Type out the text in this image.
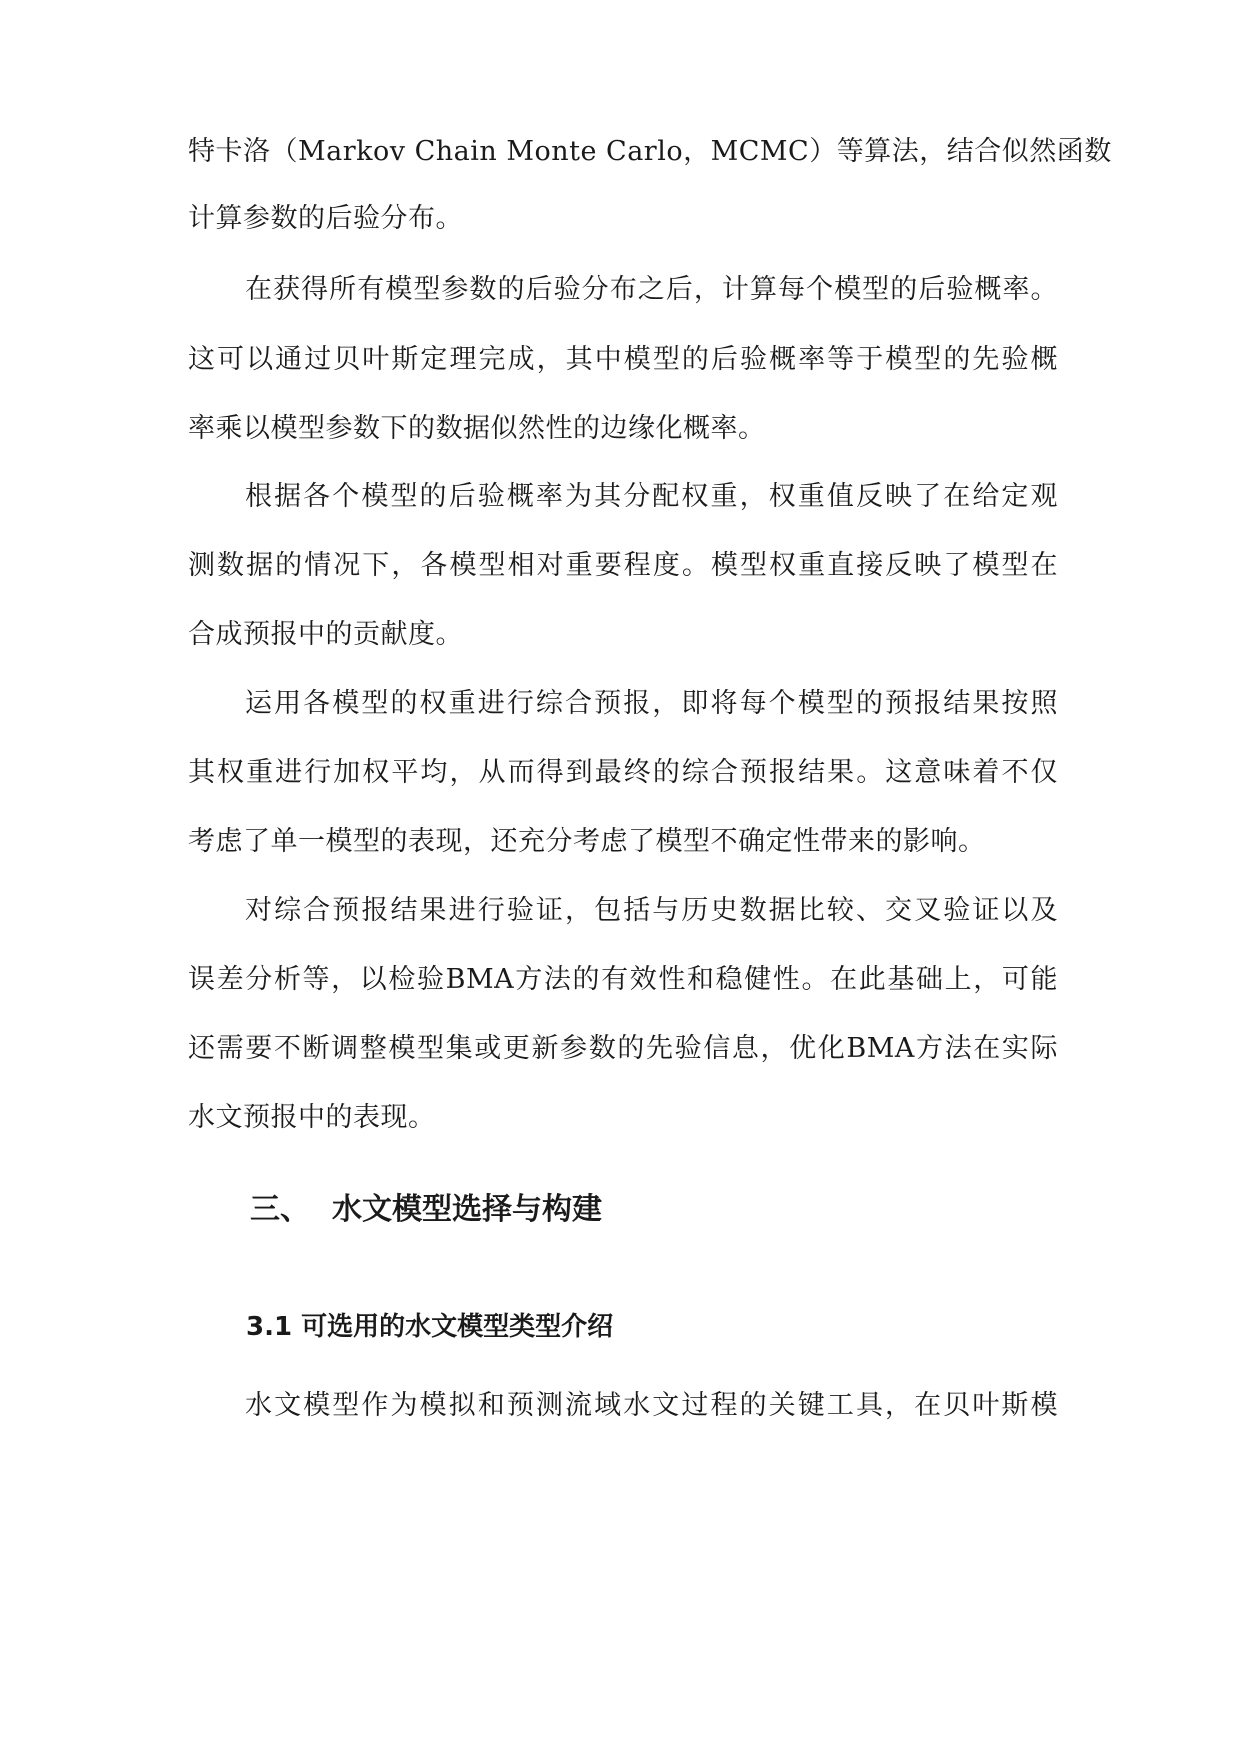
特卡洛（Markov Chain Monte Carlo，MCMC）等算法，结合似然函数
计算参数的后验分布。
在获得所有模型参数的后验分布之后，计算每个模型的后验概率。
这可以通过贝叶斯定理完成，其中模型的后验概率等于模型的先验概
率乘以模型参数下的数据似然性的边缘化概率。
根据各个模型的后验概率为其分配权重，权重值反映了在给定观
测数据的情况下，各模型相对重要程度。模型权重直接反映了模型在
合成预报中的贡献度。
运用各模型的权重进行综合预报，即将每个模型的预报结果按照
其权重进行加权平均，从而得到最终的综合预报结果。这意味着不仅
考虑了单一模型的表现，还充分考虑了模型不确定性带来的影响。
对综合预报结果进行验证，包括与历史数据比较、交叉验证以及
误差分析等，以检验BMA方法的有效性和稳健性。在此基础上，可能
还需要不断调整模型集或更新参数的先验信息，优化BMA方法在实际
水文预报中的表现。
三、 水文模型选择与构建
3.1 可选用的水文模型类型介绍
水文模型作为模拟和预测流域水文过程的关键工具，在贝叶斯模
